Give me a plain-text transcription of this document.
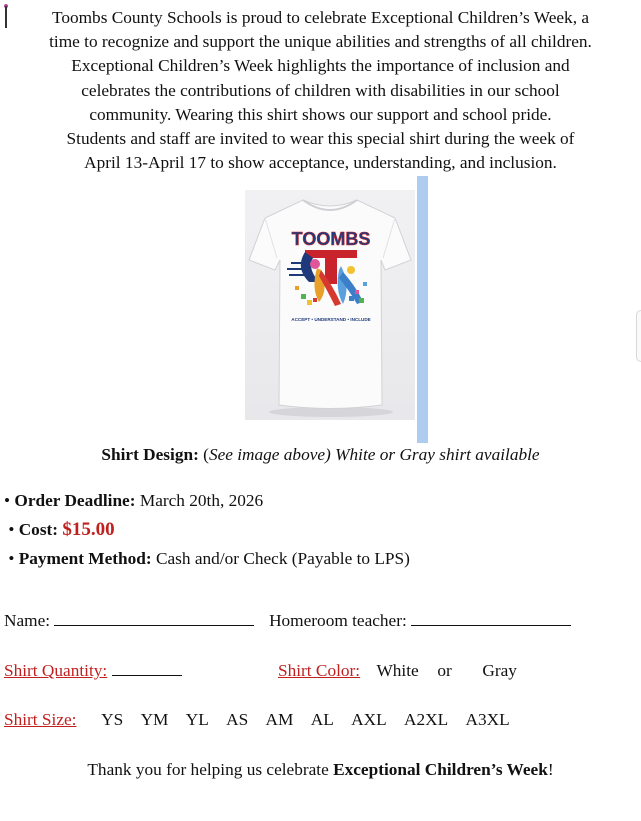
Toombs County Schools is proud to celebrate Exceptional Children’s Week, a
time to recognize and support the unique abilities and strengths of all children.
Exceptional Children’s Week highlights the importance of inclusion and
celebrates the contributions of children with disabilities in our school
community. Wearing this shirt shows our support and school pride.
Students and staff are invited to wear this special shirt during the week of
April 13-April 17 to show acceptance, understanding, and inclusion.
TOOMBS
ACCEPT • UNDERSTAND • INCLUDE
Shirt Design: (See image above) White or Gray shirt available
• Order Deadline: March 20th, 2026
• Cost: $15.00
• Payment Method: Cash and/or Check (Payable to LPS)
Name:	Homeroom teacher:
Shirt Quantity:	Shirt Color: White or Gray
Shirt Size: YS YM YL AS AM AL AXL A2XL A3XL
Thank you for helping us celebrate Exceptional Children’s Week!
